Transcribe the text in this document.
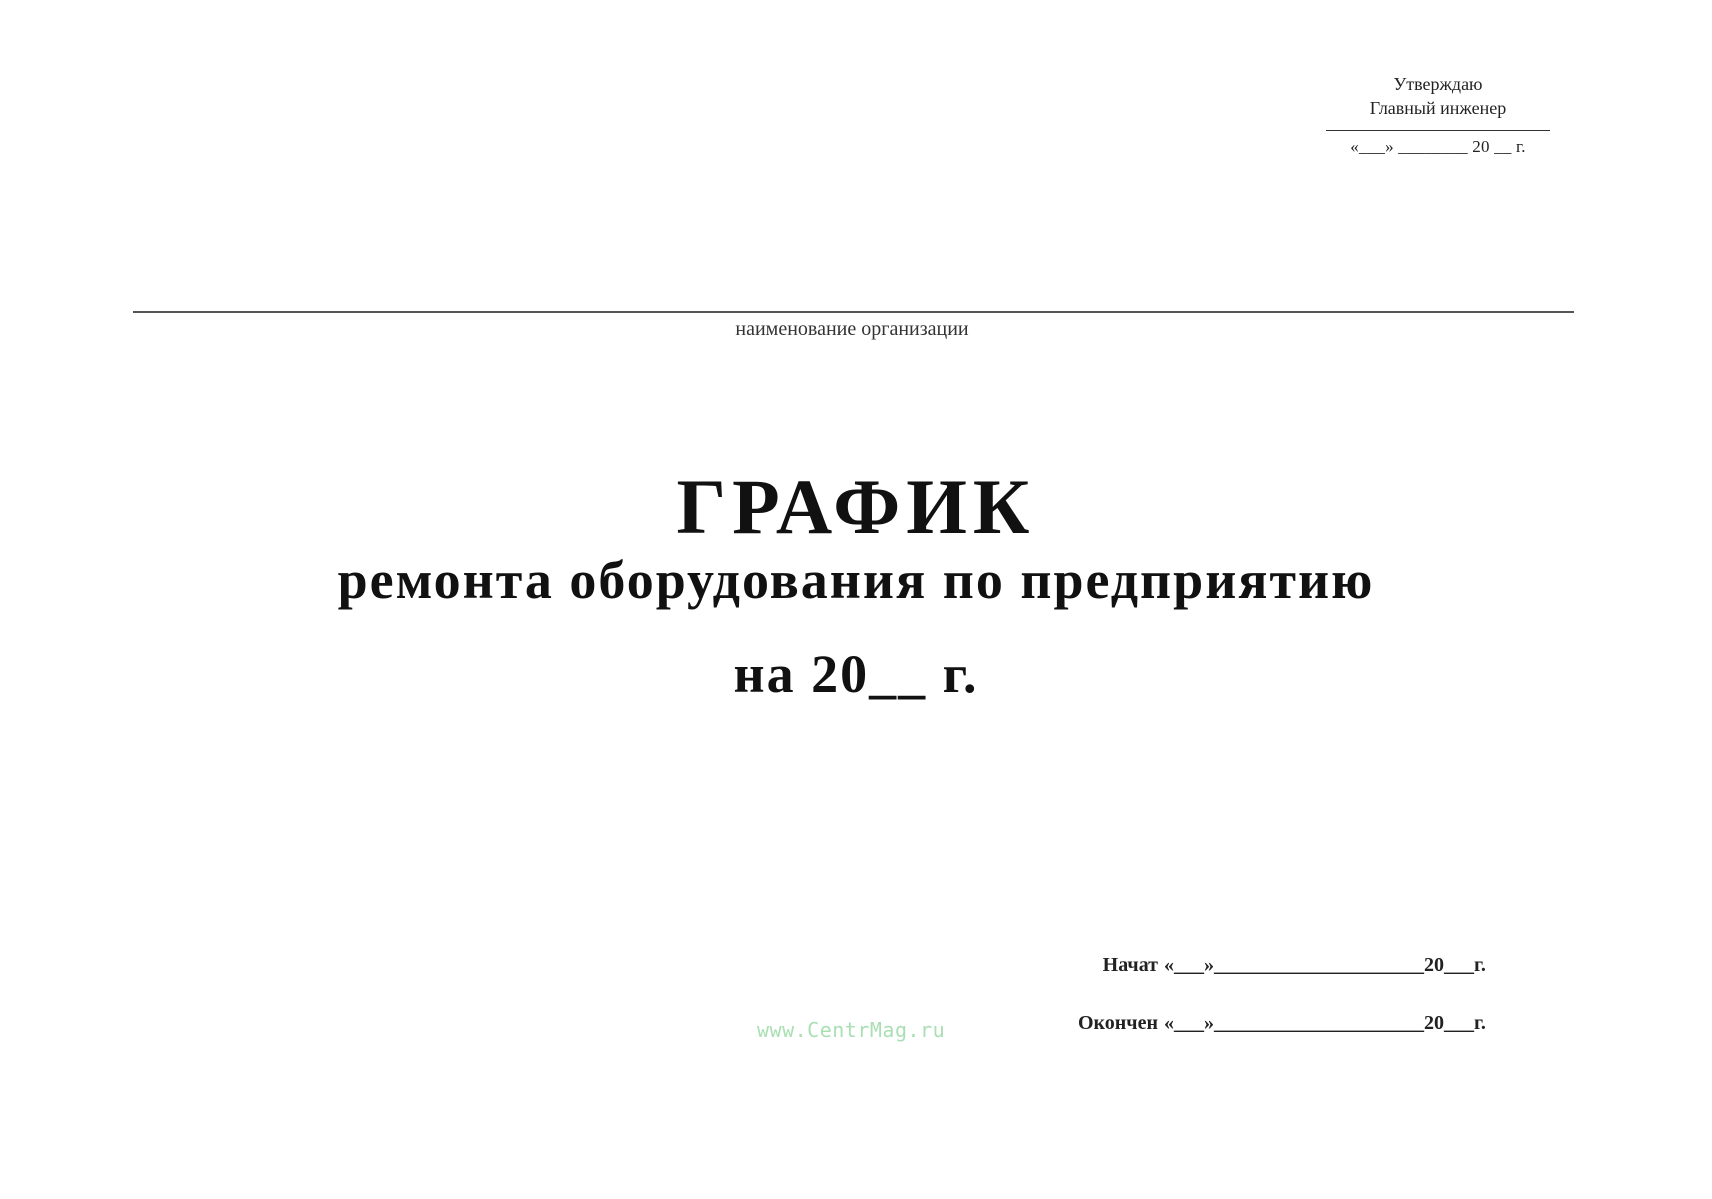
Утверждаю
Главный инженер
«___» ________ 20 __ г.
наименование организации
ГРАФИК
ремонта оборудования по предприятию
на 20__ г.
Начат «___»_____________________20___г.
Окончен «___»_____________________20___г.
www.CentrMag.ru
